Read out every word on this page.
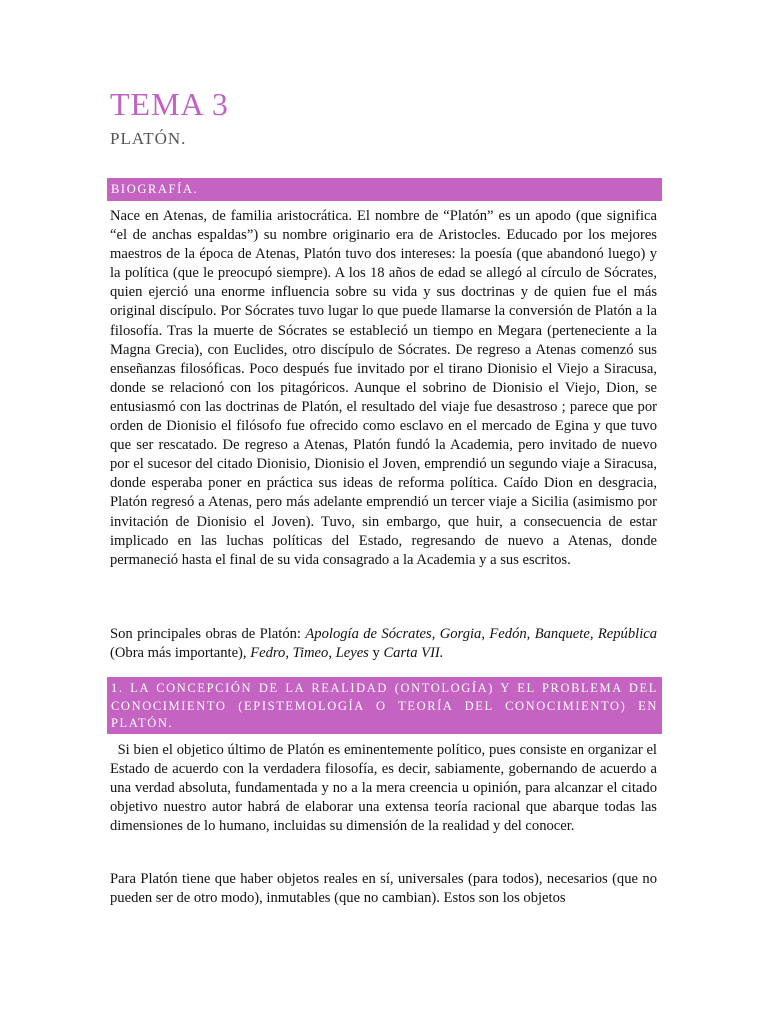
TEMA 3
PLATÓN.
BIOGRAFÍA.

Nace en Atenas, de familia aristocrática. El nombre de “Platón” es un apodo (que significa “el de anchas espaldas”) su nombre originario era de Aristocles. Educado por los mejores maestros de la época de Atenas, Platón tuvo dos intereses: la poesía (que abandonó luego) y la política (que le preocupó siempre). A los 18 años de edad se allegó al círculo de Sócrates, quien ejerció una enorme influencia sobre su vida y sus doctrinas y de quien fue el más original discípulo. Por Sócrates tuvo lugar lo que puede llamarse la conversión de Platón a la filosofía. Tras la muerte de Sócrates se estableció un tiempo en Megara (perteneciente a la Magna Grecia), con Euclides, otro discípulo de Sócrates. De regreso a Atenas comenzó sus enseñanzas filosóficas. Poco después fue invitado por el tirano Dionisio el Viejo a Siracusa, donde se relacionó con los pitagóricos. Aunque el sobrino de Dionisio el Viejo, Dion, se entusiasmó con las doctrinas de Platón, el resultado del viaje fue desastroso ; parece que por orden de Dionisio el filósofo fue ofrecido como esclavo en el mercado de Egina y que tuvo que ser rescatado. De regreso a Atenas, Platón fundó la Academia, pero invitado de nuevo por el sucesor del citado Dionisio, Dionisio el Joven, emprendió un segundo viaje a Siracusa, donde esperaba poner en práctica sus ideas de reforma política. Caído Dion en desgracia, Platón regresó a Atenas, pero más adelante emprendió un tercer viaje a Sicilia (asimismo por invitación de Dionisio el Joven). Tuvo, sin embargo, que huir, a consecuencia de estar implicado en las luchas políticas del Estado, regresando de nuevo a Atenas, donde permaneció hasta el final de su vida consagrado a la Academia y a sus escritos.

Son principales obras de Platón: Apología de Sócrates, Gorgia, Fedón, Banquete, República (Obra más importante), Fedro, Timeo, Leyes y Carta VII.

1. LA CONCEPCIÓN DE LA REALIDAD (ONTOLOGÍA) Y EL PROBLEMA DEL CONOCIMIENTO (EPISTEMOLOGÍA O TEORÍA DEL CONOCIMIENTO) EN PLATÓN.

Si bien el objetico último de Platón es eminentemente político, pues consiste en organizar el Estado de acuerdo con la verdadera filosofía, es decir, sabiamente, gobernando de acuerdo a una verdad absoluta, fundamentada y no a la mera creencia u opinión, para alcanzar el citado objetivo nuestro autor habrá de elaborar una extensa teoría racional que abarque todas las dimensiones de lo humano, incluidas su dimensión de la realidad y del conocer.

Para Platón tiene que haber objetos reales en sí, universales (para todos), necesarios (que no pueden ser de otro modo), inmutables (que no cambian). Estos son los objetos
